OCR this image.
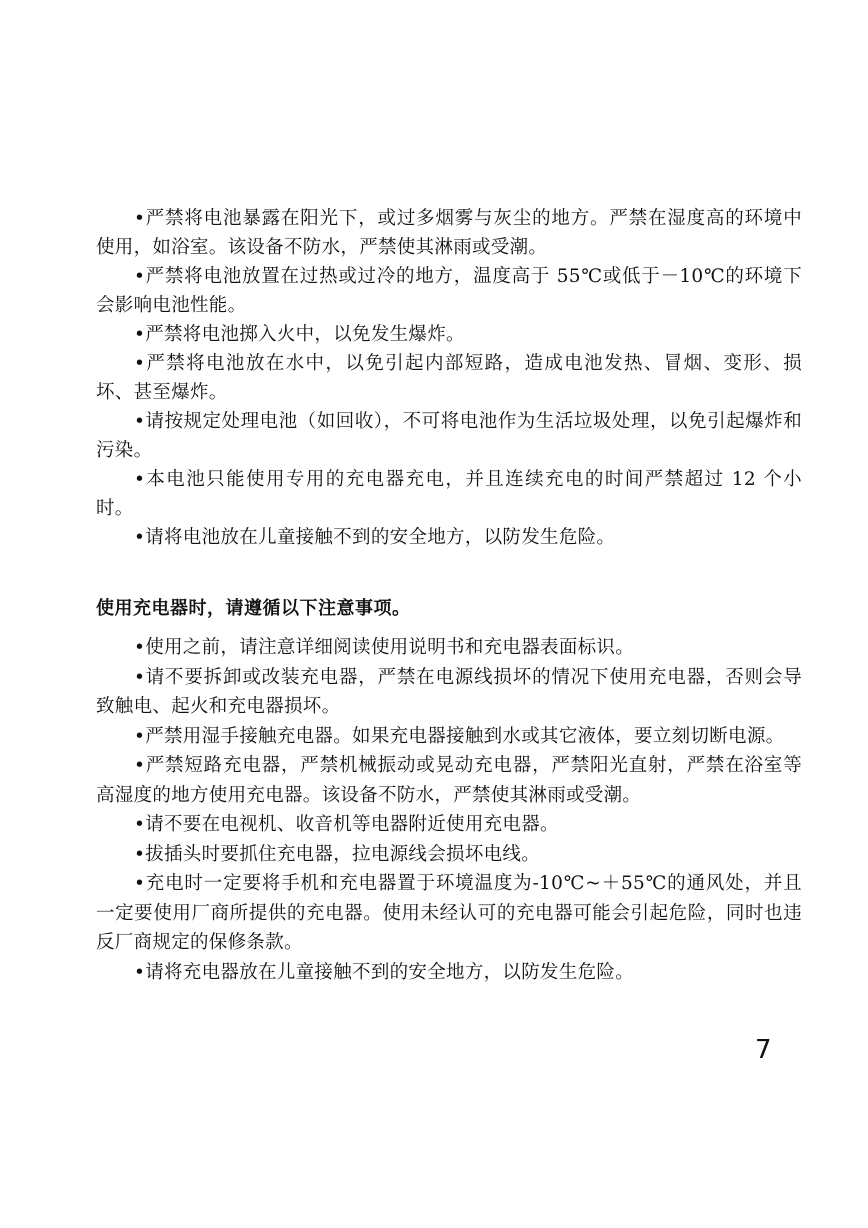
•严禁将电池暴露在阳光下，或过多烟雾与灰尘的地方。严禁在湿度高的环境中使用，如浴室。该设备不防水，严禁使其淋雨或受潮。

•严禁将电池放置在过热或过冷的地方，温度高于 55℃或低于－10℃的环境下会影响电池性能。

•严禁将电池掷入火中，以免发生爆炸。

•严禁将电池放在水中，以免引起内部短路，造成电池发热、冒烟、变形、损坏、甚至爆炸。

•请按规定处理电池（如回收），不可将电池作为生活垃圾处理，以免引起爆炸和污染。

•本电池只能使用专用的充电器充电，并且连续充电的时间严禁超过 12 个小时。

•请将电池放在儿童接触不到的安全地方，以防发生危险。

使用充电器时，请遵循以下注意事项。

•使用之前，请注意详细阅读使用说明书和充电器表面标识。

•请不要拆卸或改装充电器，严禁在电源线损坏的情况下使用充电器，否则会导致触电、起火和充电器损坏。

•严禁用湿手接触充电器。如果充电器接触到水或其它液体，要立刻切断电源。

•严禁短路充电器，严禁机械振动或晃动充电器，严禁阳光直射，严禁在浴室等高湿度的地方使用充电器。该设备不防水，严禁使其淋雨或受潮。

•请不要在电视机、收音机等电器附近使用充电器。

•拔插头时要抓住充电器，拉电源线会损坏电线。

•充电时一定要将手机和充电器置于环境温度为-10℃~＋55℃的通风处，并且一定要使用厂商所提供的充电器。使用未经认可的充电器可能会引起危险，同时也违反厂商规定的保修条款。

•请将充电器放在儿童接触不到的安全地方，以防发生危险。

7
